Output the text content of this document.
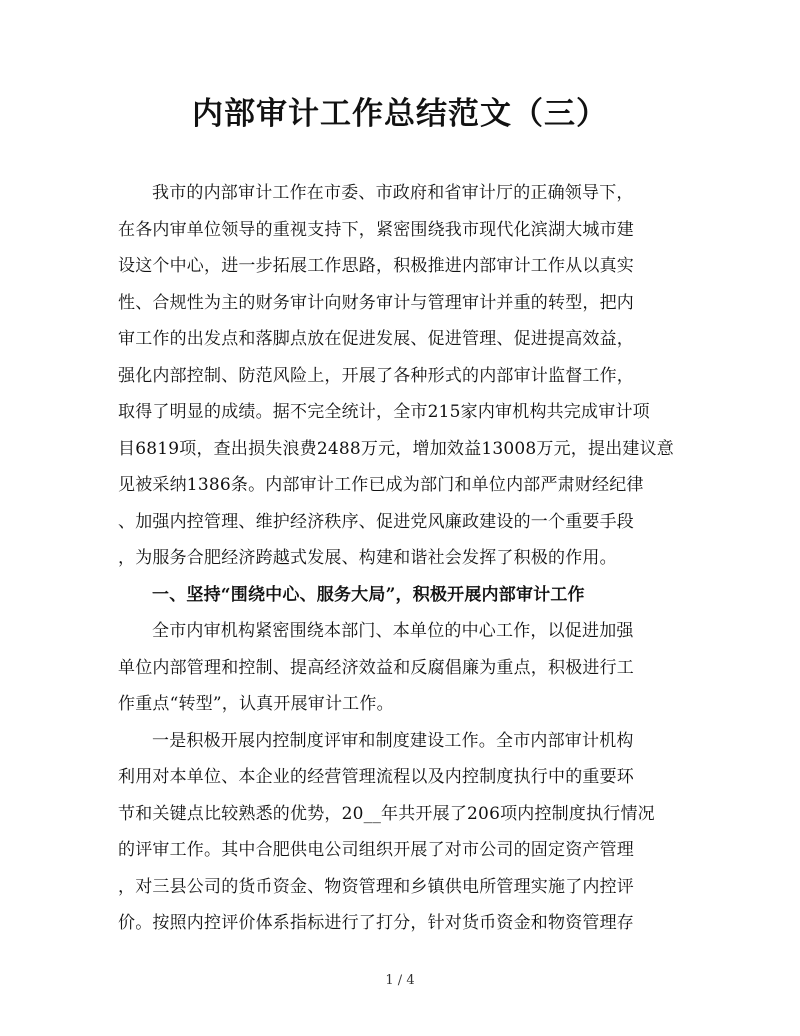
内部审计工作总结范文（三）
我市的内部审计工作在市委、市政府和省审计厅的正确领导下，
在各内审单位领导的重视支持下，紧密围绕我市现代化滨湖大城市建
设这个中心，进一步拓展工作思路，积极推进内部审计工作从以真实
性、合规性为主的财务审计向财务审计与管理审计并重的转型，把内
审工作的出发点和落脚点放在促进发展、促进管理、促进提高效益，
强化内部控制、防范风险上，开展了各种形式的内部审计监督工作，
取得了明显的成绩。据不完全统计，全市215家内审机构共完成审计项
目6819项，查出损失浪费2488万元，增加效益13008万元，提出建议意
见被采纳1386条。内部审计工作已成为部门和单位内部严肃财经纪律
、加强内控管理、维护经济秩序、促进党风廉政建设的一个重要手段
，为服务合肥经济跨越式发展、构建和谐社会发挥了积极的作用。
一、坚持“围绕中心、服务大局”，积极开展内部审计工作
全市内审机构紧密围绕本部门、本单位的中心工作，以促进加强
单位内部管理和控制、提高经济效益和反腐倡廉为重点，积极进行工
作重点“转型”，认真开展审计工作。
一是积极开展内控制度评审和制度建设工作。全市内部审计机构
利用对本单位、本企业的经营管理流程以及内控制度执行中的重要环
节和关键点比较熟悉的优势，20__年共开展了206项内控制度执行情况
的评审工作。其中合肥供电公司组织开展了对市公司的固定资产管理
，对三县公司的货币资金、物资管理和乡镇供电所管理实施了内控评
价。按照内控评价体系指标进行了打分，针对货币资金和物资管理存
1 / 4
